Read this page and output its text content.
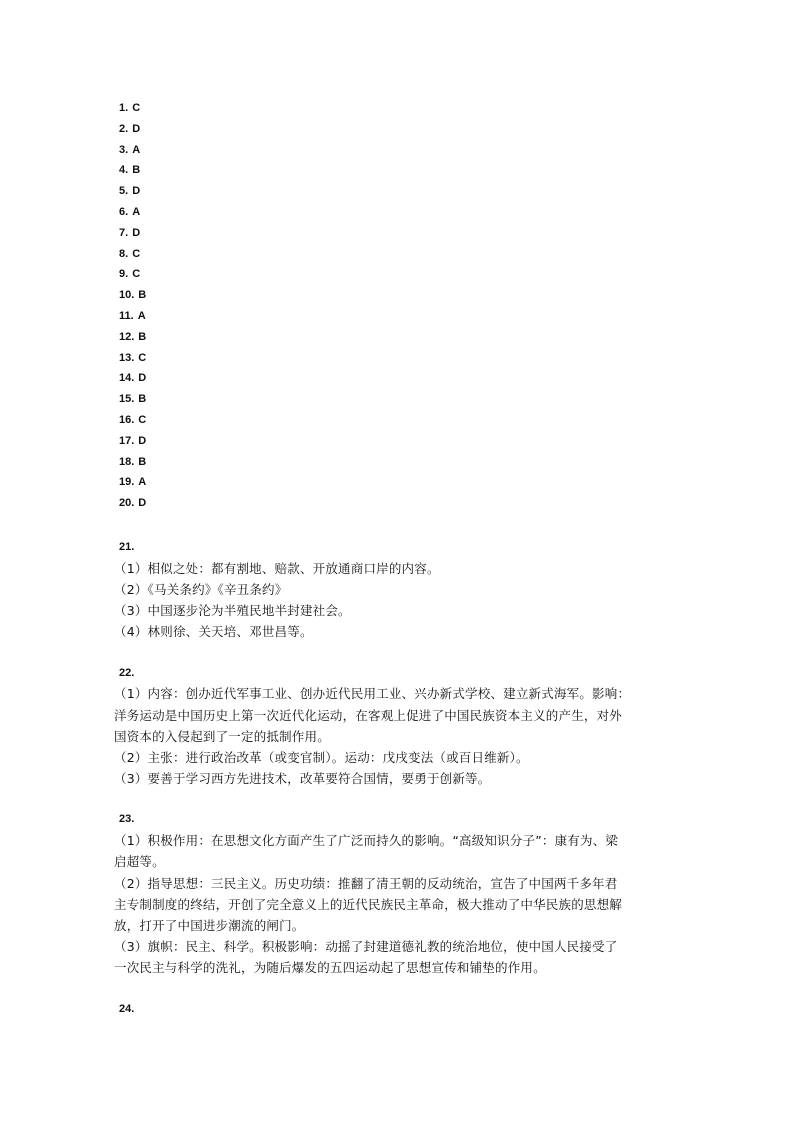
1. C
2. D
3. A
4. B
5. D
6. A
7. D
8. C
9. C
10. B
11. A
12. B
13. C
14. D
15. B
16. C
17. D
18. B
19. A
20. D
21.
（1）相似之处：都有割地、赔款、开放通商口岸的内容。
（2）《马关条约》《辛丑条约》
（3）中国逐步沦为半殖民地半封建社会。
（4）林则徐、关天培、邓世昌等。
22.
（1）内容：创办近代军事工业、创办近代民用工业、兴办新式学校、建立新式海军。影响：
洋务运动是中国历史上第一次近代化运动，在客观上促进了中国民族资本主义的产生，对外
国资本的入侵起到了一定的抵制作用。
（2）主张：进行政治改革（或变官制）。运动：戊戌变法（或百日维新）。
（3）要善于学习西方先进技术，改革要符合国情，要勇于创新等。
23.
（1）积极作用：在思想文化方面产生了广泛而持久的影响。“高级知识分子”：康有为、梁
启超等。
（2）指导思想：三民主义。历史功绩：推翻了清王朝的反动统治，宣告了中国两千多年君
主专制制度的终结，开创了完全意义上的近代民族民主革命，极大推动了中华民族的思想解
放，打开了中国进步潮流的闸门。
（3）旗帜：民主、科学。积极影响：动摇了封建道德礼教的统治地位，使中国人民接受了
一次民主与科学的洗礼，为随后爆发的五四运动起了思想宣传和铺垫的作用。
24.
